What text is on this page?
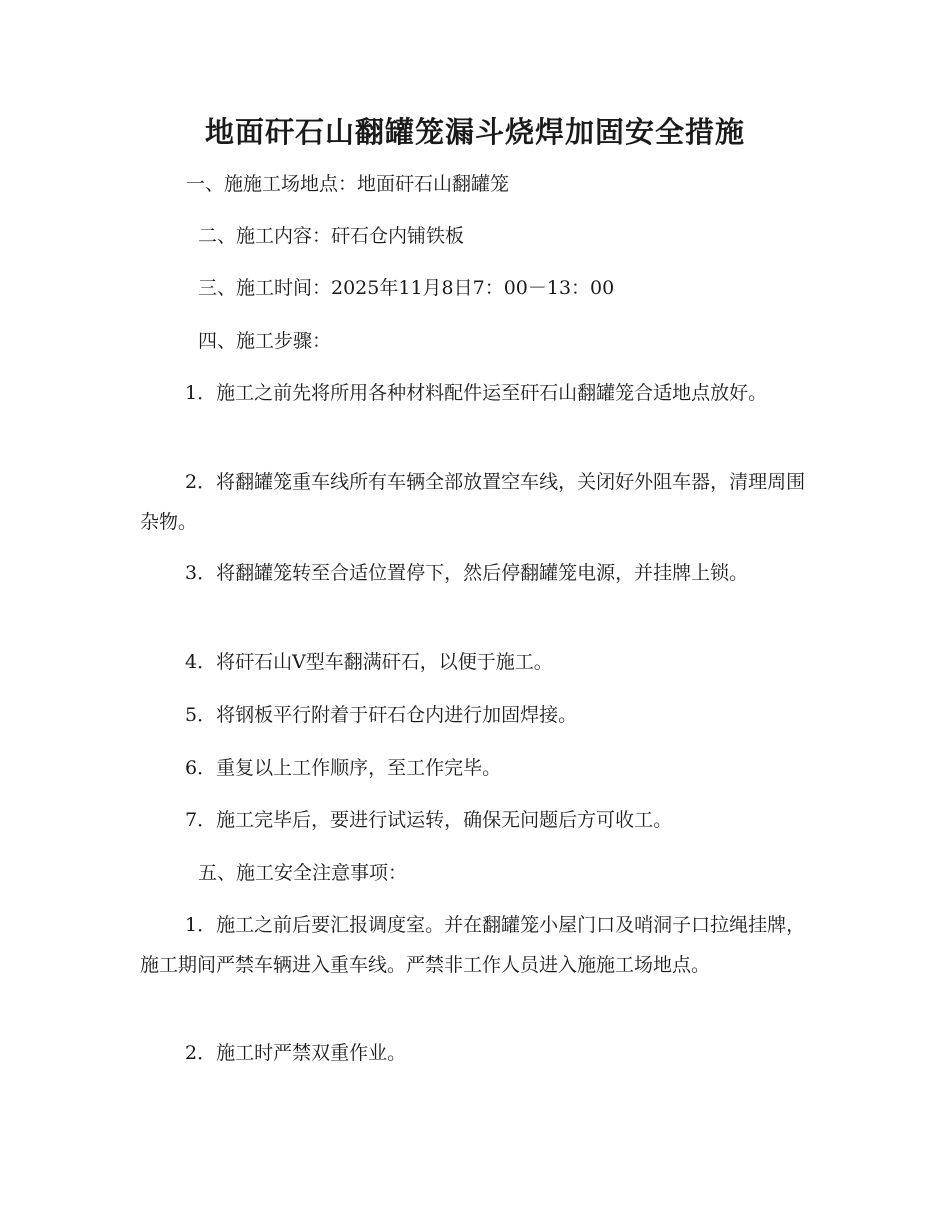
地面矸石山翻罐笼漏斗烧焊加固安全措施
一、施施工场地点：地面矸石山翻罐笼
二、施工内容：矸石仓内铺铁板
三、施工时间：2025年11月8日7：00－13：00
四、施工步骤：
1．施工之前先将所用各种材料配件运至矸石山翻罐笼合适地点放好。
2．将翻罐笼重车线所有车辆全部放置空车线，关闭好外阻车器，清理周围杂物。
3．将翻罐笼转至合适位置停下，然后停翻罐笼电源，并挂牌上锁。
4．将矸石山V型车翻满矸石，以便于施工。
5．将钢板平行附着于矸石仓内进行加固焊接。
6．重复以上工作顺序，至工作完毕。
7．施工完毕后，要进行试运转，确保无问题后方可收工。
五、施工安全注意事项：
1．施工之前后要汇报调度室。并在翻罐笼小屋门口及哨洞子口拉绳挂牌，施工期间严禁车辆进入重车线。严禁非工作人员进入施施工场地点。
2．施工时严禁双重作业。
